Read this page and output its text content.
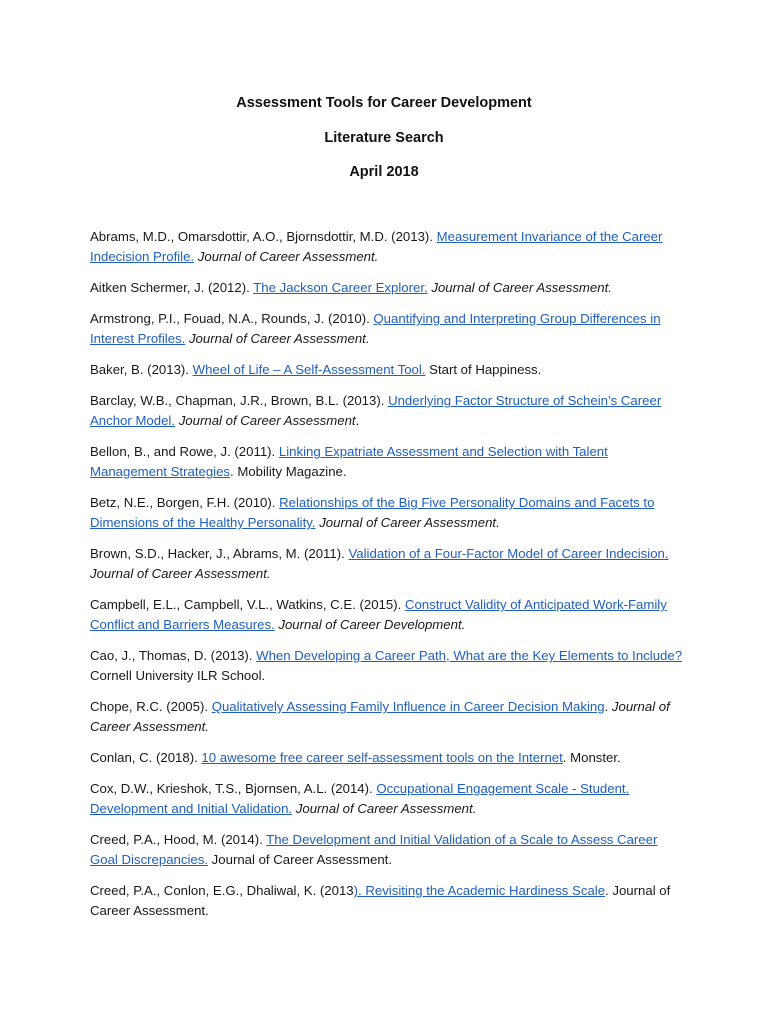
Assessment Tools for Career Development
Literature Search
April 2018

Abrams, M.D., Omarsdottir, A.O., Bjornsdottir, M.D. (2013). Measurement Invariance of the Career Indecision Profile. Journal of Career Assessment.

Aitken Schermer, J. (2012). The Jackson Career Explorer. Journal of Career Assessment.

Armstrong, P.I., Fouad, N.A., Rounds, J. (2010). Quantifying and Interpreting Group Differences in Interest Profiles. Journal of Career Assessment.

Baker, B. (2013). Wheel of Life – A Self-Assessment Tool. Start of Happiness.

Barclay, W.B., Chapman, J.R., Brown, B.L. (2013). Underlying Factor Structure of Schein’s Career Anchor Model. Journal of Career Assessment.

Bellon, B., and Rowe, J. (2011). Linking Expatriate Assessment and Selection with Talent Management Strategies. Mobility Magazine.

Betz, N.E., Borgen, F.H. (2010). Relationships of the Big Five Personality Domains and Facets to Dimensions of the Healthy Personality. Journal of Career Assessment.

Brown, S.D., Hacker, J., Abrams, M. (2011). Validation of a Four-Factor Model of Career Indecision. Journal of Career Assessment.

Campbell, E.L., Campbell, V.L., Watkins, C.E. (2015). Construct Validity of Anticipated Work-Family Conflict and Barriers Measures. Journal of Career Development.

Cao, J., Thomas, D. (2013). When Developing a Career Path, What are the Key Elements to Include? Cornell University ILR School.

Chope, R.C. (2005). Qualitatively Assessing Family Influence in Career Decision Making. Journal of Career Assessment.

Conlan, C. (2018). 10 awesome free career self-assessment tools on the Internet. Monster.

Cox, D.W., Krieshok, T.S., Bjornsen, A.L. (2014). Occupational Engagement Scale - Student. Development and Initial Validation. Journal of Career Assessment.

Creed, P.A., Hood, M. (2014). The Development and Initial Validation of a Scale to Assess Career Goal Discrepancies. Journal of Career Assessment.

Creed, P.A., Conlon, E.G., Dhaliwal, K. (2013). Revisiting the Academic Hardiness Scale. Journal of Career Assessment.
